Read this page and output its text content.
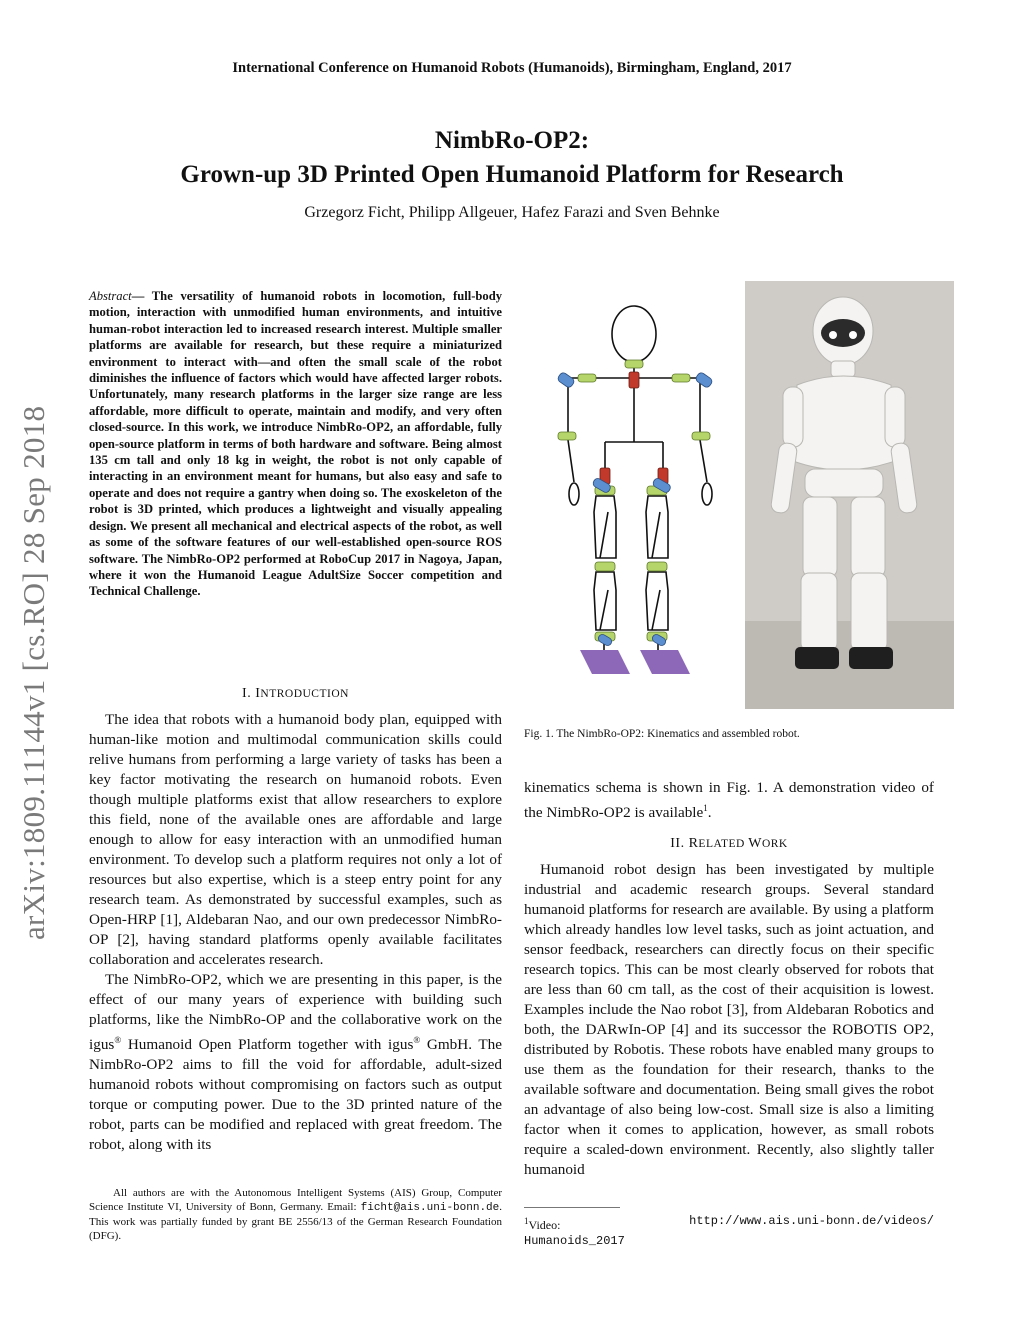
International Conference on Humanoid Robots (Humanoids), Birmingham, England, 2017
NimbRo-OP2:
Grown-up 3D Printed Open Humanoid Platform for Research
Grzegorz Ficht, Philipp Allgeuer, Hafez Farazi and Sven Behnke
arXiv:1809.11144v1 [cs.RO] 28 Sep 2018
Abstract— The versatility of humanoid robots in locomotion, full-body motion, interaction with unmodified human environments, and intuitive human-robot interaction led to increased research interest. Multiple smaller platforms are available for research, but these require a miniaturized environment to interact with—and often the small scale of the robot diminishes the influence of factors which would have affected larger robots. Unfortunately, many research platforms in the larger size range are less affordable, more difficult to operate, maintain and modify, and very often closed-source. In this work, we introduce NimbRo-OP2, an affordable, fully open-source platform in terms of both hardware and software. Being almost 135 cm tall and only 18 kg in weight, the robot is not only capable of interacting in an environment meant for humans, but also easy and safe to operate and does not require a gantry when doing so. The exoskeleton of the robot is 3D printed, which produces a lightweight and visually appealing design. We present all mechanical and electrical aspects of the robot, as well as some of the software features of our well-established open-source ROS software. The NimbRo-OP2 performed at RoboCup 2017 in Nagoya, Japan, where it won the Humanoid League AdultSize Soccer competition and Technical Challenge.
I. INTRODUCTION

The idea that robots with a humanoid body plan, equipped with human-like motion and multimodal communication skills could relive humans from performing a large variety of tasks has been a key factor motivating the research on humanoid robots. Even though multiple platforms exist that allow researchers to explore this field, none of the available ones are affordable and large enough to allow for easy interaction with an unmodified human environment. To develop such a platform requires not only a lot of resources but also expertise, which is a steep entry point for any research team. As demonstrated by successful examples, such as Open-HRP [1], Aldebaran Nao, and our own predecessor NimbRo-OP [2], having standard platforms openly available facilitates collaboration and accelerates research.

The NimbRo-OP2, which we are presenting in this paper, is the effect of our many years of experience with building such platforms, like the NimbRo-OP and the collaborative work on the igus® Humanoid Open Platform together with igus® GmbH. The NimbRo-OP2 aims to fill the void for affordable, adult-sized humanoid robots without compromising on factors such as output torque or computing power. Due to the 3D printed nature of the robot, parts can be modified and replaced with great freedom. The robot, along with its

All authors are with the Autonomous Intelligent Systems (AIS) Group, Computer Science Institute VI, University of Bonn, Germany. Email: ficht@ais.uni-bonn.de. This work was partially funded by grant BE 2556/13 of the German Research Foundation (DFG).

Fig. 1. The NimbRo-OP2: Kinematics and assembled robot.

kinematics schema is shown in Fig. 1. A demonstration video of the NimbRo-OP2 is available$^1$.

II. RELATED WORK

Humanoid robot design has been investigated by multiple industrial and academic research groups. Several standard humanoid platforms for research are available. By using a platform which already handles low level tasks, such as joint actuation, and sensor feedback, researchers can directly focus on their specific research topics. This can be most clearly observed for robots that are less than 60 cm tall, as the cost of their acquisition is lowest. Examples include the Nao robot [3], from Aldebaran Robotics and both, the DARwIn-OP [4] and its successor the ROBOTIS OP2, distributed by Robotis. These robots have enabled many groups to use them as the foundation for their research, thanks to the available software and documentation. Being small gives the robot an advantage of also being low-cost. Small size is also a limiting factor when it comes to application, however, as small robots require a scaled-down environment. Recently, also slightly taller humanoid

$^1$Video:	http://www.ais.uni-bonn.de/videos/
Humanoids_2017
